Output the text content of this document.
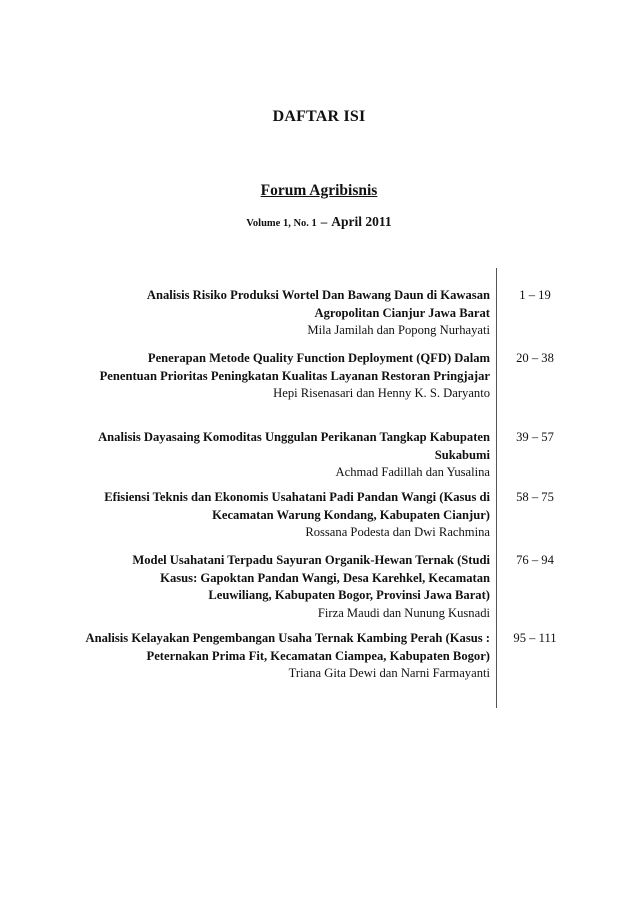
DAFTAR ISI
Forum Agribisnis
Volume 1, No. 1 – April 2011
Analisis Risiko Produksi Wortel Dan Bawang Daun di Kawasan Agropolitan Cianjur Jawa Barat
Mila Jamilah dan Popong Nurhayati
1 – 19
Penerapan Metode Quality Function Deployment (QFD) Dalam Penentuan Prioritas Peningkatan Kualitas Layanan Restoran Pringjajar
Hepi Risenasari dan Henny K. S. Daryanto
20 – 38
Analisis Dayasaing Komoditas Unggulan Perikanan Tangkap Kabupaten Sukabumi
Achmad Fadillah dan Yusalina
39 – 57
Efisiensi Teknis dan Ekonomis Usahatani Padi Pandan Wangi (Kasus di Kecamatan Warung Kondang, Kabupaten Cianjur)
Rossana Podesta dan Dwi Rachmina
58 – 75
Model Usahatani Terpadu Sayuran Organik-Hewan Ternak (Studi Kasus: Gapoktan Pandan Wangi, Desa Karehkel, Kecamatan Leuwiliang, Kabupaten Bogor, Provinsi Jawa Barat)
Firza Maudi dan Nunung Kusnadi
76 – 94
Analisis Kelayakan Pengembangan Usaha Ternak Kambing Perah (Kasus : Peternakan Prima Fit, Kecamatan Ciampea, Kabupaten Bogor)
Triana Gita Dewi dan Narni Farmayanti
95 – 111
